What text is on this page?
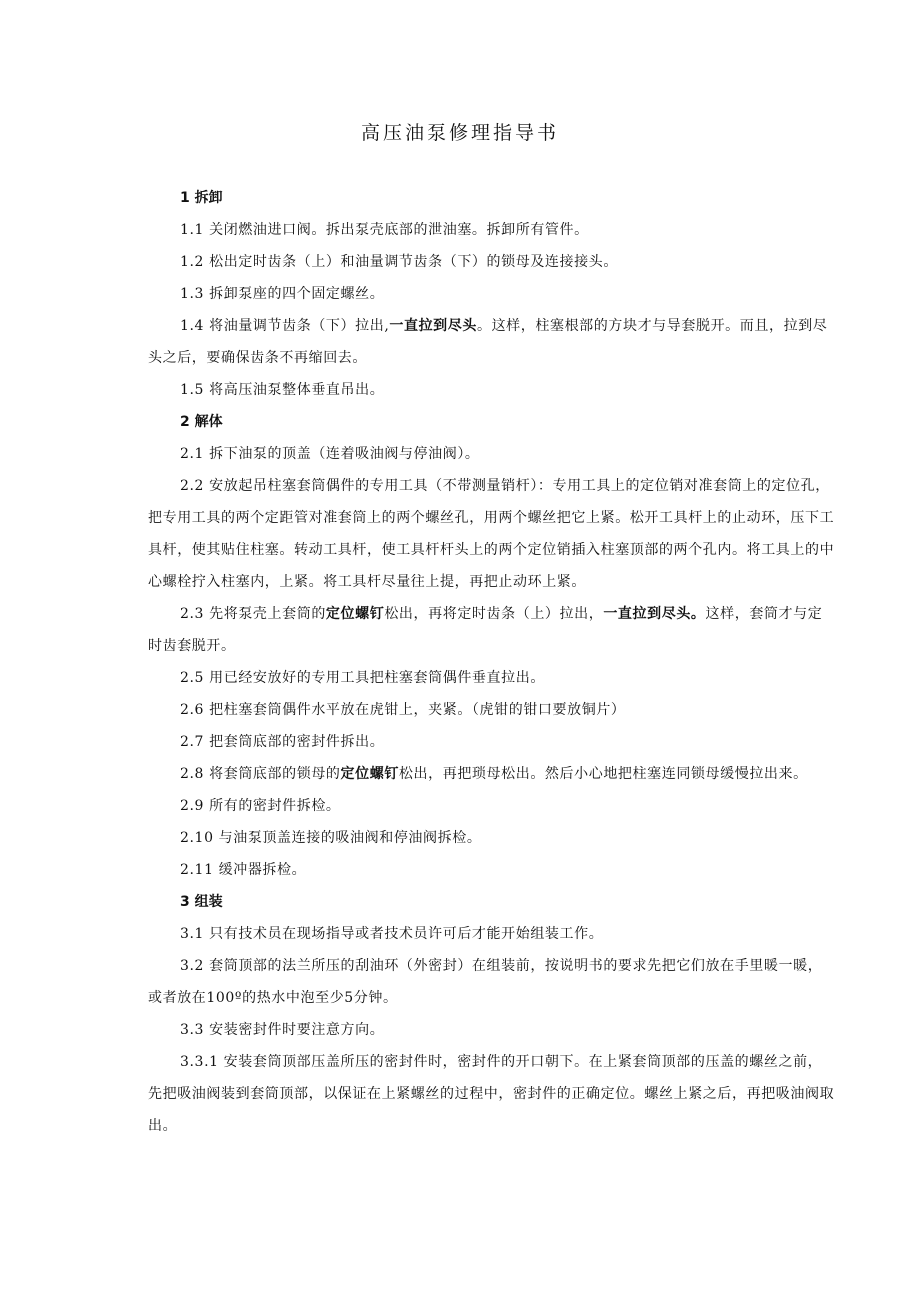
高压油泵修理指导书
1 拆卸

1.1 关闭燃油进口阀。拆出泵壳底部的泄油塞。拆卸所有管件。

1.2 松出定时齿条（上）和油量调节齿条（下）的锁母及连接接头。

1.3 拆卸泵座的四个固定螺丝。

1.4 将油量调节齿条（下）拉出,一直拉到尽头。这样，柱塞根部的方块才与导套脱开。而且，拉到尽头之后，要确保齿条不再缩回去。

1.5 将高压油泵整体垂直吊出。

2 解体

2.1 拆下油泵的顶盖（连着吸油阀与停油阀）。

2.2 安放起吊柱塞套筒偶件的专用工具（不带测量销杆）：专用工具上的定位销对准套筒上的定位孔，把专用工具的两个定距管对准套筒上的两个螺丝孔，用两个螺丝把它上紧。松开工具杆上的止动环，压下工具杆，使其贴住柱塞。转动工具杆，使工具杆杆头上的两个定位销插入柱塞顶部的两个孔内。将工具上的中心螺栓拧入柱塞内，上紧。将工具杆尽量往上提，再把止动环上紧。

2.3 先将泵壳上套筒的定位螺钉松出，再将定时齿条（上）拉出，一直拉到尽头。这样，套筒才与定时齿套脱开。

2.5 用已经安放好的专用工具把柱塞套筒偶件垂直拉出。

2.6 把柱塞套筒偶件水平放在虎钳上，夹紧。（虎钳的钳口要放铜片）

2.7 把套筒底部的密封件拆出。

2.8 将套筒底部的锁母的定位螺钉松出，再把琐母松出。然后小心地把柱塞连同锁母缓慢拉出来。

2.9 所有的密封件拆检。

2.10 与油泵顶盖连接的吸油阀和停油阀拆检。

2.11 缓冲器拆检。

3 组装

3.1 只有技术员在现场指导或者技术员许可后才能开始组装工作。

3.2 套筒顶部的法兰所压的刮油环（外密封）在组装前，按说明书的要求先把它们放在手里暖一暖，或者放在100º的热水中泡至少5分钟。

3.3 安装密封件时要注意方向。

3.3.1 安装套筒顶部压盖所压的密封件时，密封件的开口朝下。在上紧套筒顶部的压盖的螺丝之前，先把吸油阀装到套筒顶部，以保证在上紧螺丝的过程中，密封件的正确定位。螺丝上紧之后，再把吸油阀取出。
